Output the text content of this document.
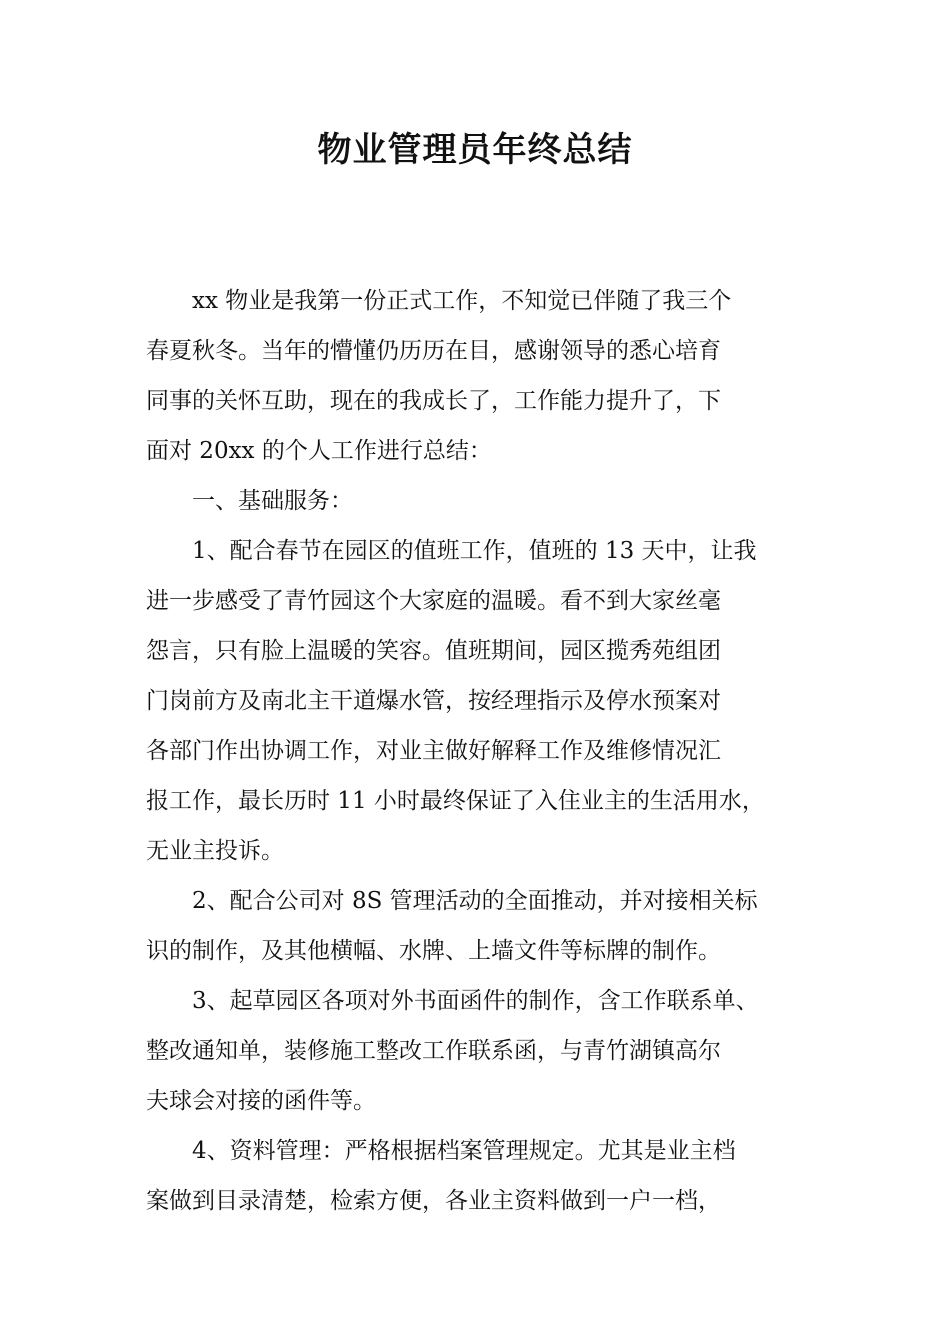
物业管理员年终总结
　　xx 物业是我第一份正式工作，不知觉已伴随了我三个
春夏秋冬。当年的懵懂仍历历在目，感谢领导的悉心培育
同事的关怀互助，现在的我成长了，工作能力提升了，下
面对 20xx 的个人工作进行总结：
　　一、基础服务：
　　1、配合春节在园区的值班工作，值班的 13 天中，让我
进一步感受了青竹园这个大家庭的温暖。看不到大家丝毫
怨言，只有脸上温暖的笑容。值班期间，园区揽秀苑组团
门岗前方及南北主干道爆水管，按经理指示及停水预案对
各部门作出协调工作，对业主做好解释工作及维修情况汇
报工作，最长历时 11 小时最终保证了入住业主的生活用水，
无业主投诉。
　　2、配合公司对 8S 管理活动的全面推动，并对接相关标
识的制作，及其他横幅、水牌、上墙文件等标牌的制作。
　　3、起草园区各项对外书面函件的制作，含工作联系单、
整改通知单，装修施工整改工作联系函，与青竹湖镇高尔
夫球会对接的函件等。
　　4、资料管理：严格根据档案管理规定。尤其是业主档
案做到目录清楚，检索方便，各业主资料做到一户一档，
